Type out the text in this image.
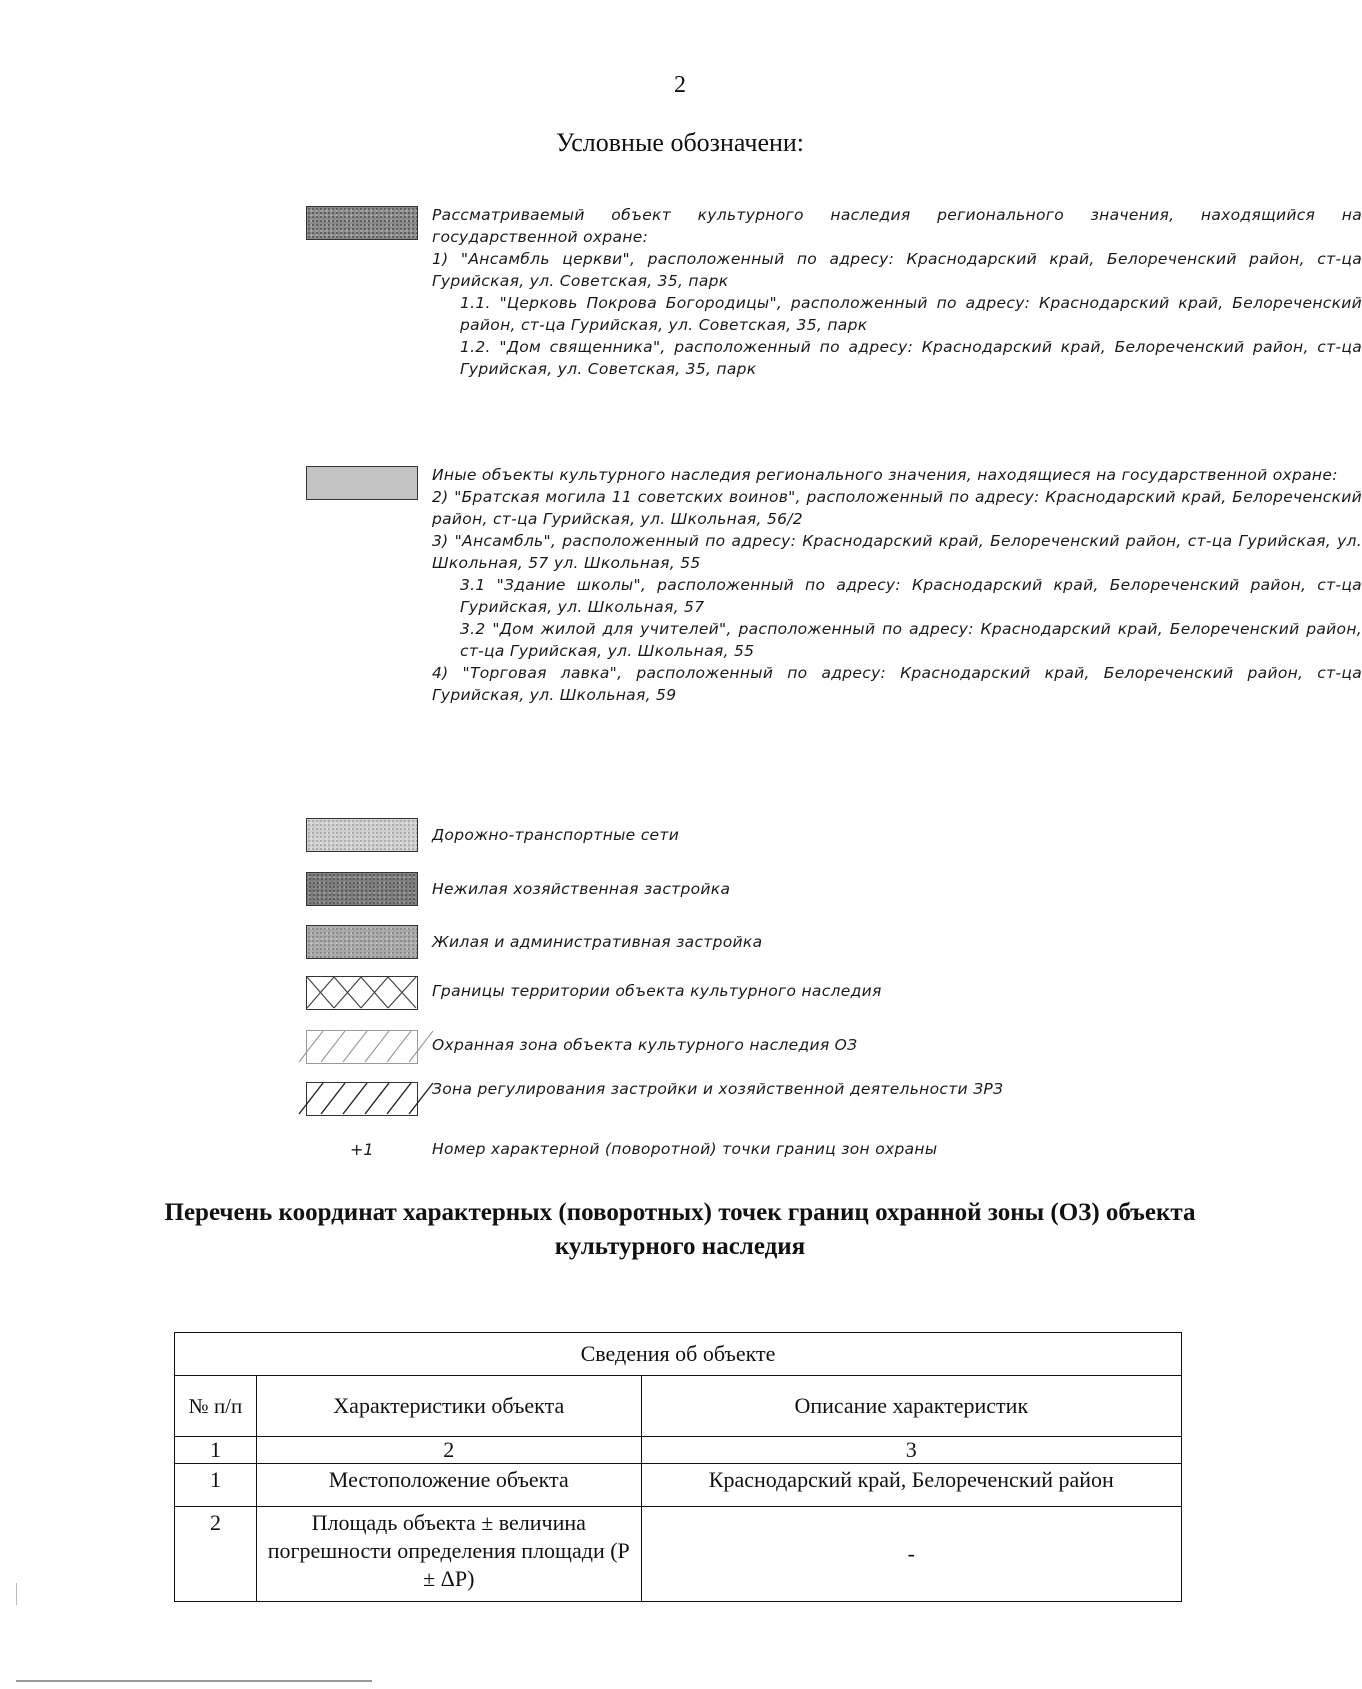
2
Условные обозначени:
Рассматриваемый объект культурного наследия регионального значения, находящийся на государственной охране:
1) "Ансамбль церкви", расположенный по адресу: Краснодарский край, Белореченский район, ст-ца Гурийская, ул. Советская, 35, парк
1.1. "Церковь Покрова Богородицы", расположенный по адресу: Краснодарский край, Белореченский район, ст-ца Гурийская, ул. Советская, 35, парк
1.2. "Дом священника", расположенный по адресу: Краснодарский край, Белореченский район, ст-ца Гурийская, ул. Советская, 35, парк
Иные объекты культурного наследия регионального значения, находящиеся на государственной охране:
2) "Братская могила 11 советских воинов", расположенный по адресу: Краснодарский край, Белореченский район, ст-ца Гурийская, ул. Школьная, 56/2
3) "Ансамбль", расположенный по адресу: Краснодарский край, Белореченский район, ст-ца Гурийская, ул. Школьная, 57 ул. Школьная, 55
3.1 "Здание школы", расположенный по адресу: Краснодарский край, Белореченский район, ст-ца Гурийская, ул. Школьная, 57
3.2 "Дом жилой для учителей", расположенный по адресу: Краснодарский край, Белореченский район, ст-ца Гурийская, ул. Школьная, 55
4) "Торговая лавка", расположенный по адресу: Краснодарский край, Белореченский район, ст-ца Гурийская, ул. Школьная, 59
Дорожно-транспортные сети
Нежилая хозяйственная застройка
Жилая и административная застройка
Границы территории объекта культурного наследия
Охранная зона объекта культурного наследия ОЗ
Зона регулирования застройки и хозяйственной деятельности ЗРЗ
+1	Номер характерной (поворотной) точки границ зон охраны
Перечень координат характерных (поворотных) точек границ охранной зоны (ОЗ) объекта культурного наследия
Сведения об объекте		
№ п/п	Характеристики объекта	Описание характеристик
1	2	3
1	Местоположение объекта	Краснодарский край, Белореченский район
2	Площадь объекта ± величина погрешности определения площади (P ± ΔP)	-
